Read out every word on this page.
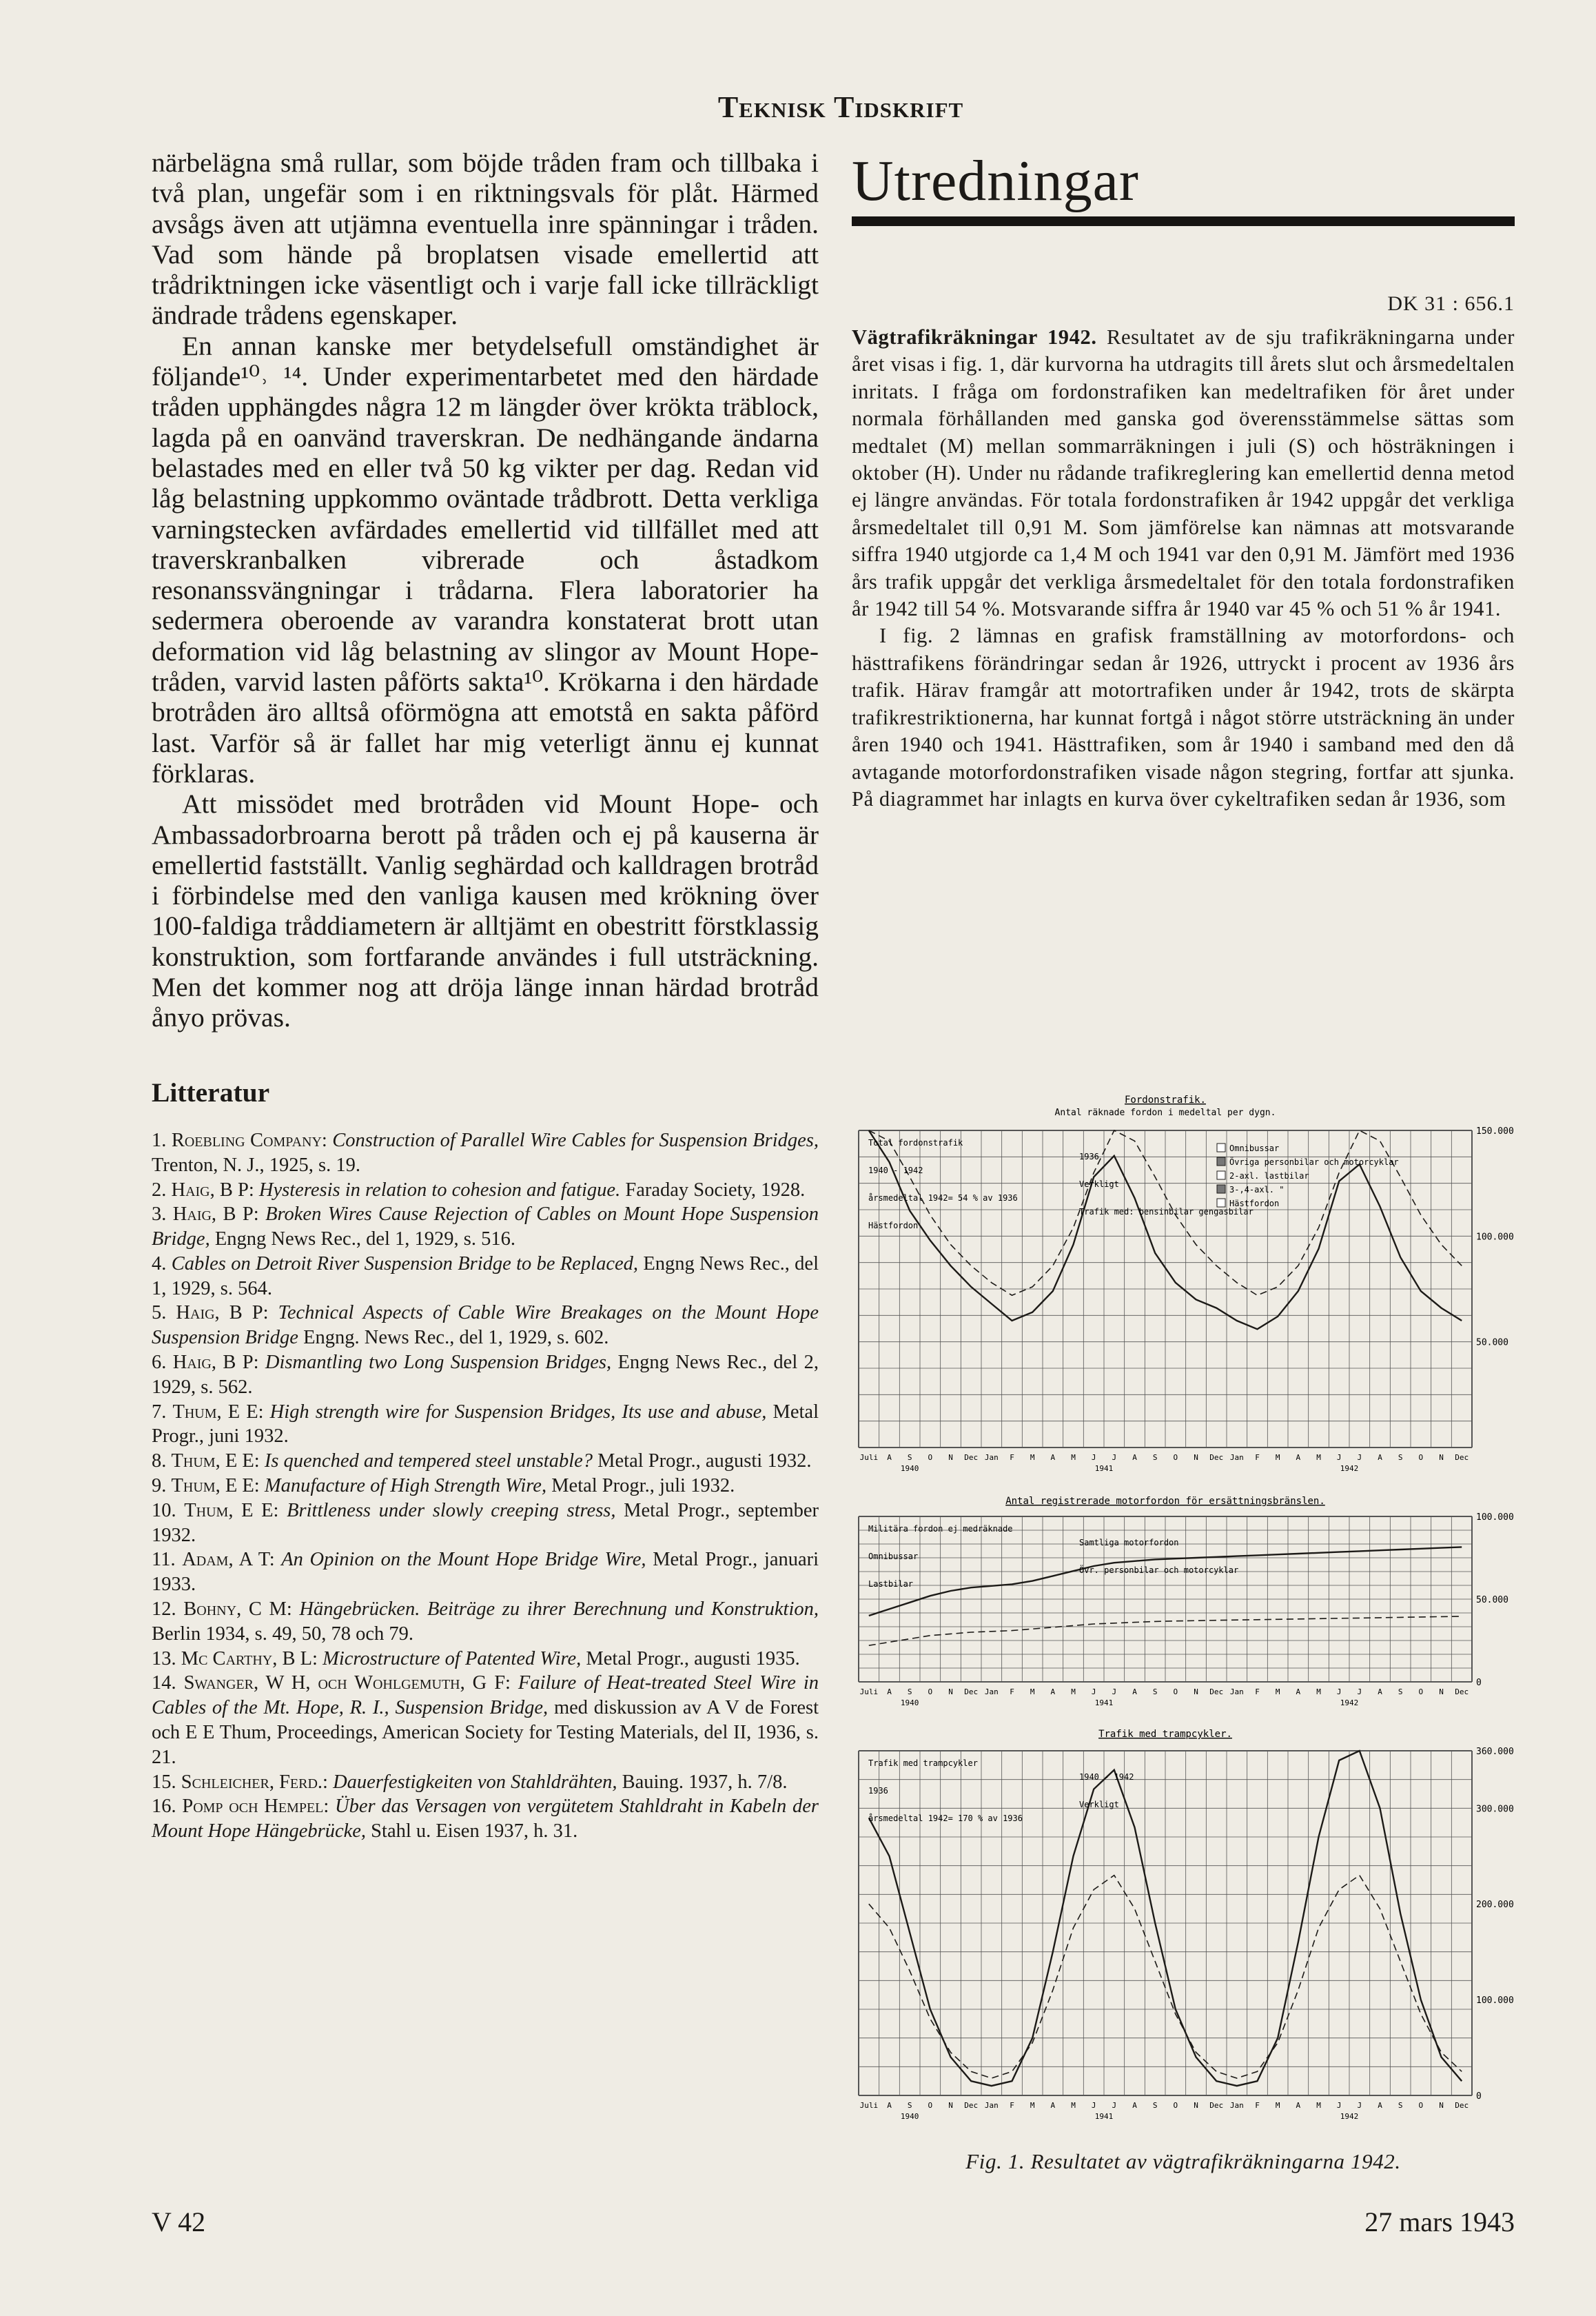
Teknisk Tidskrift

närbelägna små rullar, som böjde tråden fram och tillbaka i två plan, ungefär som i en riktningsvals för plåt. Härmed avsågs även att utjämna eventuella inre spänningar i tråden. Vad som hände på broplatsen visade emellertid att trådriktningen icke väsentligt och i varje fall icke tillräckligt ändrade trådens egenskaper.

En annan kanske mer betydelsefull omständighet är följande¹⁰˒ ¹⁴. Under experimentarbetet med den härdade tråden upphängdes några 12 m längder över krökta träblock, lagda på en oanvänd traverskran. De nedhängande ändarna belastades med en eller två 50 kg vikter per dag. Redan vid låg belastning uppkommo oväntade trådbrott. Detta verkliga varningstecken avfärdades emellertid vid tillfället med att traverskranbalken vibrerade och åstadkom resonanssvängningar i trådarna. Flera laboratorier ha sedermera oberoende av varandra konstaterat brott utan deformation vid låg belastning av slingor av Mount Hope-tråden, varvid lasten påförts sakta¹⁰. Krökarna i den härdade brotråden äro alltså oförmögna att emotstå en sakta påförd last. Varför så är fallet har mig veterligt ännu ej kunnat förklaras.

Att missödet med brotråden vid Mount Hope- och Ambassadorbroarna berott på tråden och ej på kauserna är emellertid fastställt. Vanlig seghärdad och kalldragen brotråd i förbindelse med den vanliga kausen med krökning över 100-faldiga tråddiametern är alltjämt en obestritt förstklassig konstruktion, som fortfarande användes i full utsträckning. Men det kommer nog att dröja länge innan härdad brotråd ånyo prövas.

Litteratur

1. Roebling Company: Construction of Parallel Wire Cables for Suspension Bridges, Trenton, N. J., 1925, s. 19.
2. Haig, B P: Hysteresis in relation to cohesion and fatigue. Faraday Society, 1928.
3. Haig, B P: Broken Wires Cause Rejection of Cables on Mount Hope Suspension Bridge, Engng News Rec., del 1, 1929, s. 516.
4. Cables on Detroit River Suspension Bridge to be Replaced, Engng News Rec., del 1, 1929, s. 564.
5. Haig, B P: Technical Aspects of Cable Wire Breakages on the Mount Hope Suspension Bridge Engng. News Rec., del 1, 1929, s. 602.
6. Haig, B P: Dismantling two Long Suspension Bridges, Engng News Rec., del 2, 1929, s. 562.
7. Thum, E E: High strength wire for Suspension Bridges, Its use and abuse, Metal Progr., juni 1932.
8. Thum, E E: Is quenched and tempered steel unstable? Metal Progr., augusti 1932.
9. Thum, E E: Manufacture of High Strength Wire, Metal Progr., juli 1932.
10. Thum, E E: Brittleness under slowly creeping stress, Metal Progr., september 1932.
11. Adam, A T: An Opinion on the Mount Hope Bridge Wire, Metal Progr., januari 1933.
12. Bohny, C M: Hängebrücken. Beiträge zu ihrer Berechnung und Konstruktion, Berlin 1934, s. 49, 50, 78 och 79.
13. Mc Carthy, B L: Microstructure of Patented Wire, Metal Progr., augusti 1935.
14. Swanger, W H, och Wohlgemuth, G F: Failure of Heat-treated Steel Wire in Cables of the Mt. Hope, R. I., Suspension Bridge, med diskussion av A V de Forest och E E Thum, Proceedings, American Society for Testing Materials, del II, 1936, s. 21.
15. Schleicher, Ferd.: Dauerfestigkeiten von Stahldrähten, Bauing. 1937, h. 7/8.
16. Pomp och Hempel: Über das Versagen von vergütetem Stahldraht in Kabeln der Mount Hope Hängebrücke, Stahl u. Eisen 1937, h. 31.
Utredningar
DK 31 : 656.1

Vägtrafikräkningar 1942. Resultatet av de sju trafikräkningarna under året visas i fig. 1, där kurvorna ha utdragits till årets slut och årsmedeltalen inritats. I fråga om fordonstrafiken kan medeltrafiken för året under normala förhållanden med ganska god överensstämmelse sättas som medtalet (M) mellan sommarräkningen i juli (S) och hösträkningen i oktober (H). Under nu rådande trafikreglering kan emellertid denna metod ej längre användas. För totala fordonstrafiken år 1942 uppgår det verkliga årsmedeltalet till 0,91 M. Som jämförelse kan nämnas att motsvarande siffra 1940 utgjorde ca 1,4 M och 1941 var den 0,91 M. Jämfört med 1936 års trafik uppgår det verkliga årsmedeltalet för den totala fordonstrafiken år 1942 till 54 %. Motsvarande siffra år 1940 var 45 % och 51 % år 1941.

I fig. 2 lämnas en grafisk framställning av motorfordons- och hästtrafikens förändringar sedan år 1926, uttryckt i procent av 1936 års trafik. Härav framgår att motortrafiken under år 1942, trots de skärpta trafikrestriktionerna, har kunnat fortgå i något större utsträckning än under åren 1940 och 1941. Hästtrafiken, som år 1940 i samband med den då avtagande motorfordonstrafiken visade någon stegring, fortfar att sjunka. På diagrammet har inlagts en kurva över cykeltrafiken sedan år 1936, som

Fordonstrafik.
Antal räknade fordon i medeltal per dygn.
150.000
100.000
50.000
Total fordonstrafik
1936
1940 - 1942
Verkligt
årsmedeltal 1942= 54 % av 1936
Trafik med: bensinbilar gengasbilar
Hästfordon
Omnibussar
Övriga personbilar och motorcyklar
2-axl. lastbilar
3-,4-axl. "
Hästfordon
Juli A S O N Dec Jan F M A M J J A S O N Dec Jan F M A M J J A S O N Dec
1940	1941	1942
Antal registrerade motorfordon för ersättningsbränslen.
100.000
50.000
0
Militära fordon ej medräknade
Samtliga motorfordon
Omnibussar
Övr. personbilar och motorcyklar
Lastbilar
Juli A S O N Dec Jan F M A M J J A S O N Dec Jan F M A M J J A S O N Dec
1940	1941	1942
Trafik med trampcykler.
360.000
300.000
200.000
100.000
0
Trafik med trampcykler
1940 - 1942
1936
Verkligt
årsmedeltal 1942= 170 % av 1936
Juli A S O N Dec Jan F M A M J J A S O N Dec Jan F M A M J J A S O N Dec
1940	1941	1942
Fig. 1. Resultatet av vägtrafikräkningarna 1942.
V 42	27 mars 1943
